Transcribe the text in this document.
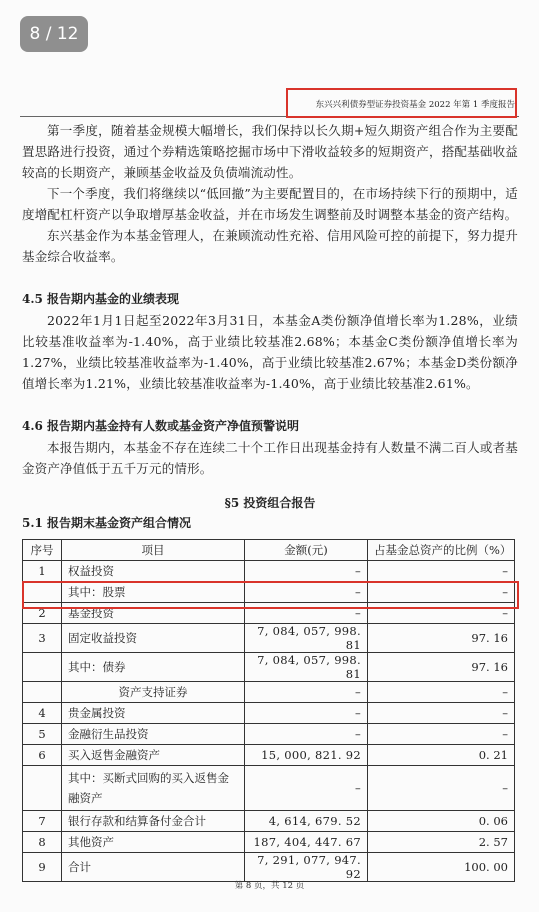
8 / 12
东兴兴利债券型证券投资基金 2022 年第 1 季度报告

第一季度，随着基金规模大幅增长，我们保持以长久期+短久期资产组合作为主要配置思路进行投资，通过个券精选策略挖掘市场中下滑收益较多的短期资产，搭配基础收益较高的长期资产，兼顾基金收益及负债端流动性。

下一个季度，我们将继续以“低回撤”为主要配置目的，在市场持续下行的预期中，适度增配杠杆资产以争取增厚基金收益，并在市场发生调整前及时调整本基金的资产结构。

东兴基金作为本基金管理人，在兼顾流动性充裕、信用风险可控的前提下，努力提升基金综合收益率。

4.5 报告期内基金的业绩表现

2022年1月1日起至2022年3月31日，本基金A类份额净值增长率为1.28%，业绩比较基准收益率为-1.40%，高于业绩比较基准2.68%；本基金C类份额净值增长率为1.27%，业绩比较基准收益率为-1.40%，高于业绩比较基准2.67%；本基金D类份额净值增长率为1.21%，业绩比较基准收益率为-1.40%，高于业绩比较基准2.61%。

4.6 报告期内基金持有人数或基金资产净值预警说明

本报告期内，本基金不存在连续二十个工作日出现基金持有人数量不满二百人或者基金资产净值低于五千万元的情形。

§5 投资组合报告
5.1 报告期末基金资产组合情况
序号	项目	金额(元)	占基金总资产的比例（%）
1	权益投资	–	–
	其中：股票	–	–
2	基金投资	–	–
3	固定收益投资	7, 084, 057, 998. 81	97. 16
	其中：债券	7, 084, 057, 998. 81	97. 16
	资产支持证券	–	–
4	贵金属投资	–	–
5	金融衍生品投资	–	–
6	买入返售金融资产	15, 000, 821. 92	0. 21
	其中：买断式回购的买入返售金融资产	–	–
7	银行存款和结算备付金合计	4, 614, 679. 52	0. 06
8	其他资产	187, 404, 447. 67	2. 57
9	合计	7, 291, 077, 947. 92	100. 00
第 8 页，共 12 页
